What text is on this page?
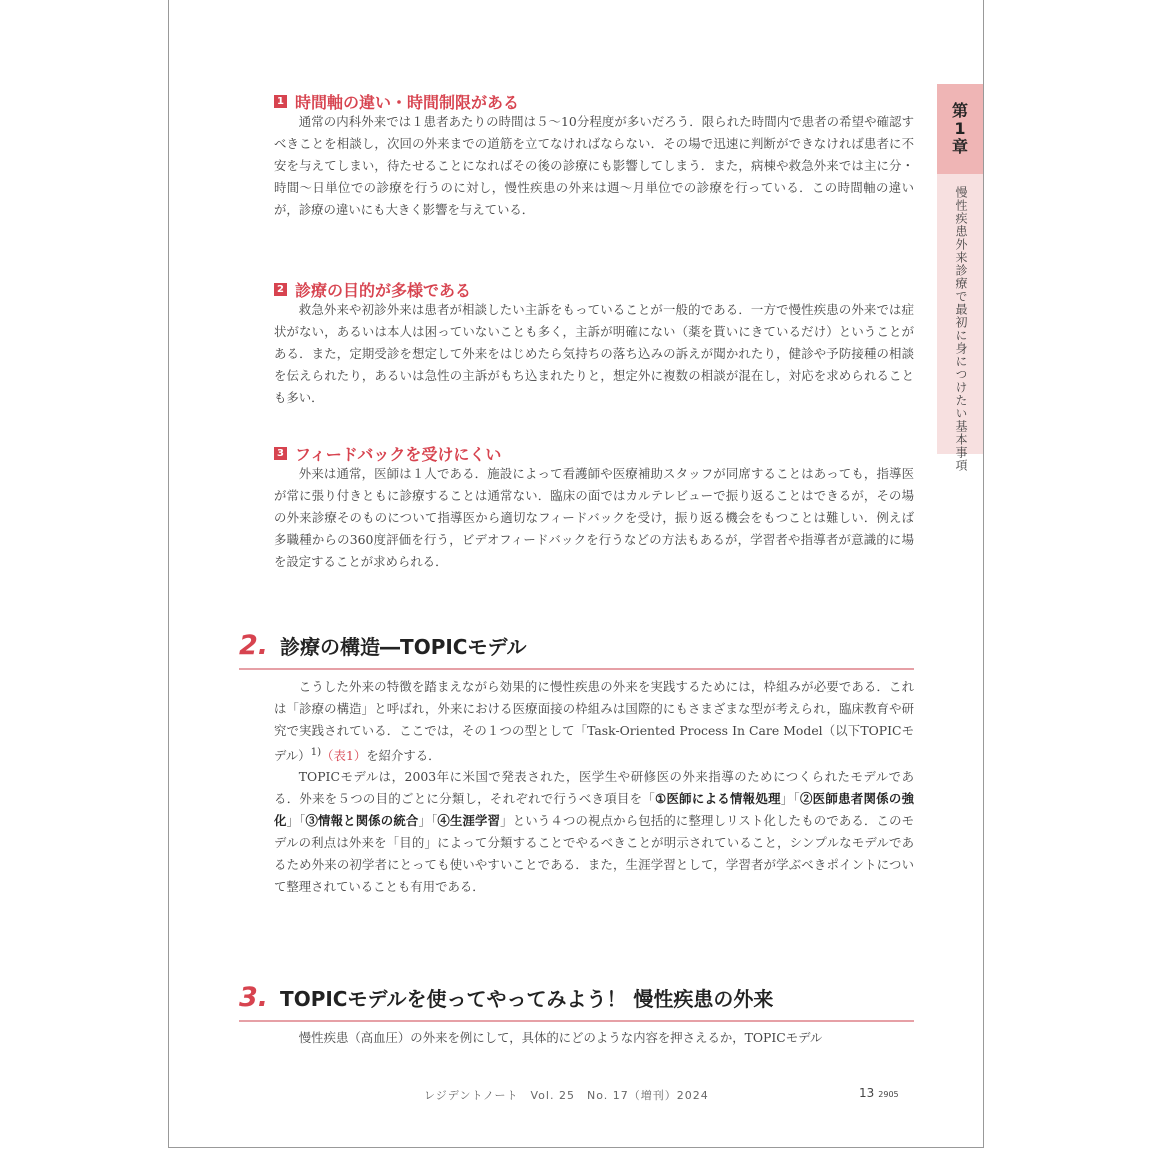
1 時間軸の違い・時間制限がある

通常の内科外来では１患者あたりの時間は５〜10分程度が多いだろう．限られた時間内で患者の希望や確認すべきことを相談し，次回の外来までの道筋を立てなければならない．その場で迅速に判断ができなければ患者に不安を与えてしまい，待たせることになればその後の診療にも影響してしまう．また，病棟や救急外来では主に分・時間〜日単位での診療を行うのに対し，慢性疾患の外来は週〜月単位での診療を行っている．この時間軸の違いが，診療の違いにも大きく影響を与えている．

2 診療の目的が多様である

救急外来や初診外来は患者が相談したい主訴をもっていることが一般的である．一方で慢性疾患の外来では症状がない，あるいは本人は困っていないことも多く，主訴が明確にない（薬を貰いにきているだけ）ということがある．また，定期受診を想定して外来をはじめたら気持ちの落ち込みの訴えが聞かれたり，健診や予防接種の相談を伝えられたり，あるいは急性の主訴がもち込まれたりと，想定外に複数の相談が混在し，対応を求められることも多い．

3 フィードバックを受けにくい

外来は通常，医師は１人である．施設によって看護師や医療補助スタッフが同席することはあっても，指導医が常に張り付きともに診療することは通常ない．臨床の面ではカルテレビューで振り返ることはできるが，その場の外来診療そのものについて指導医から適切なフィードバックを受け，振り返る機会をもつことは難しい．例えば多職種からの360度評価を行う，ビデオフィードバックを行うなどの方法もあるが，学習者や指導者が意識的に場を設定することが求められる．

2. 診療の構造―TOPICモデル

こうした外来の特徴を踏まえながら効果的に慢性疾患の外来を実践するためには，枠組みが必要である．これは「診療の構造」と呼ばれ，外来における医療面接の枠組みは国際的にもさまざまな型が考えられ，臨床教育や研究で実践されている．ここでは，その１つの型として「Task-Oriented Process In Care Model（以下TOPICモデル）$^{1)}$（表1）を紹介する．

TOPICモデルは，2003年に米国で発表された，医学生や研修医の外来指導のためにつくられたモデルである．外来を５つの目的ごとに分類し，それぞれで行うべき項目を「①医師による情報処理」「②医師患者関係の強化」「③情報と関係の統合」「④生涯学習」という４つの視点から包括的に整理しリスト化したものである．このモデルの利点は外来を「目的」によって分類することでやるべきことが明示されていること，シンプルなモデルであるため外来の初学者にとっても使いやすいことである．また，生涯学習として，学習者が学ぶべきポイントについて整理されていることも有用である．

3. TOPICモデルを使ってやってみよう！ 慢性疾患の外来

慢性疾患（高血圧）の外来を例にして，具体的にどのような内容を押さえるか，TOPICモデル

第
1
章
慢性疾患外来診療で最初に身につけたい基本事項
レジデントノート　Vol. 25　No. 17（増刊）2024	13 2905
